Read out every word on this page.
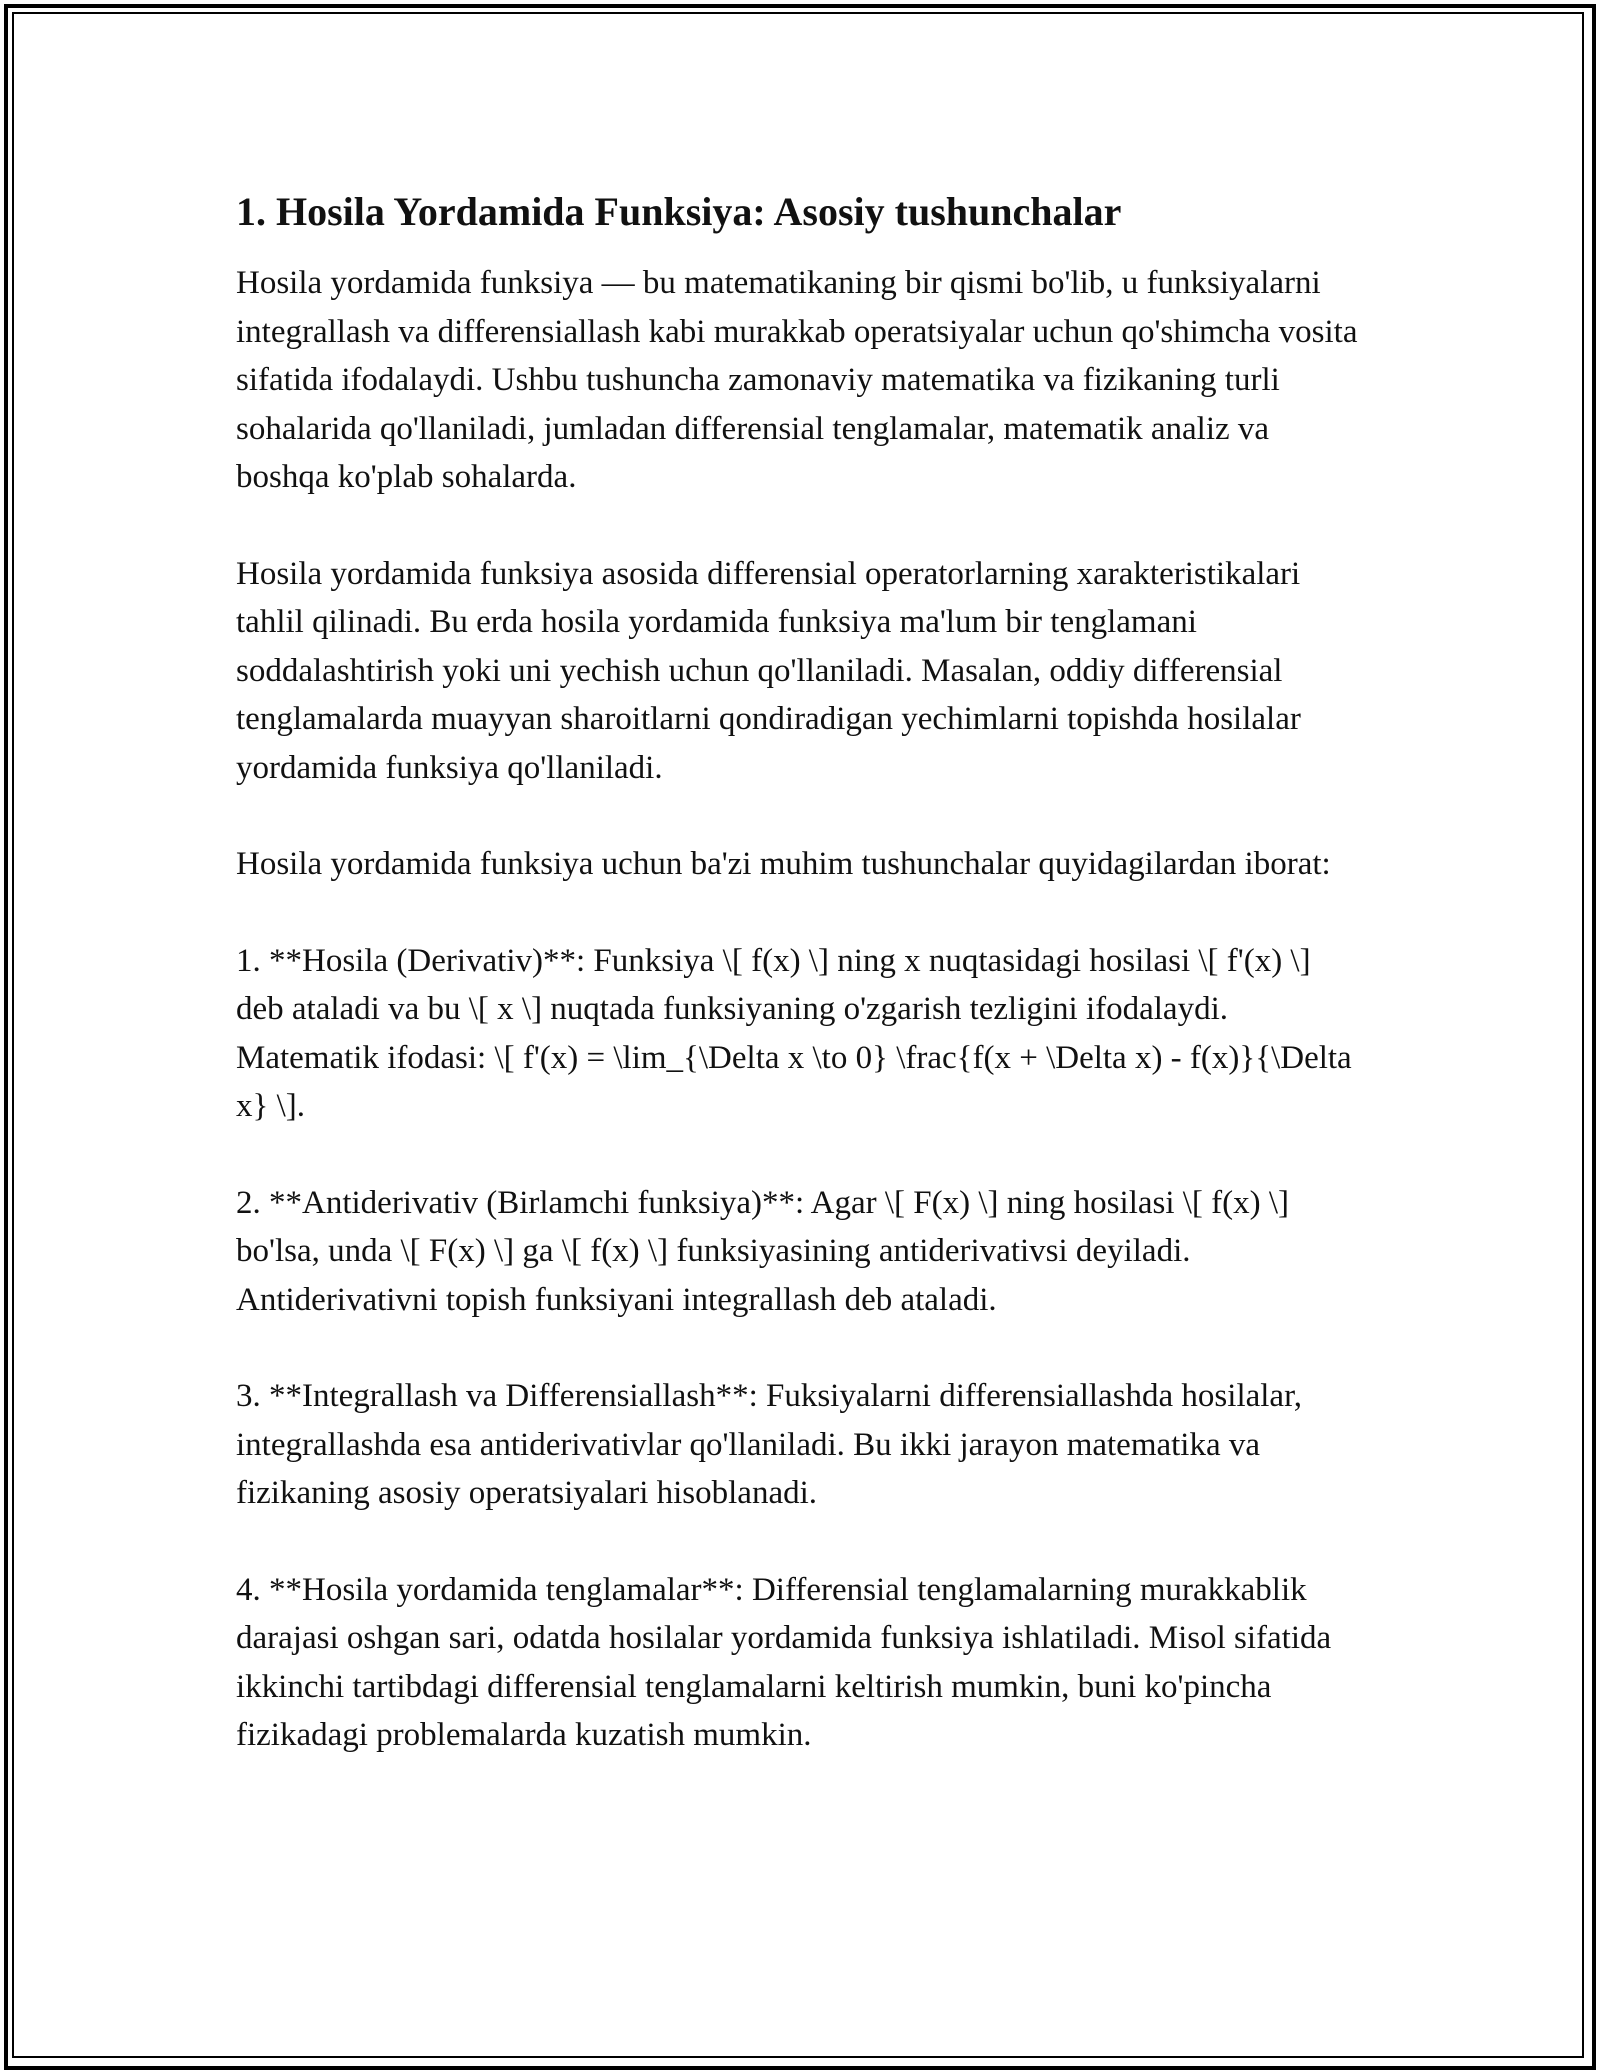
1. Hosila Yordamida Funksiya: Asosiy tushunchalar

Hosila yordamida funksiya — bu matematikaning bir qismi bo'lib, u funksiyalarni integrallash va differensiallash kabi murakkab operatsiyalar uchun qo'shimcha vosita sifatida ifodalaydi. Ushbu tushuncha zamonaviy matematika va fizikaning turli sohalarida qo'llaniladi, jumladan differensial tenglamalar, matematik analiz va boshqa ko'plab sohalarda.

Hosila yordamida funksiya asosida differensial operatorlarning xarakteristikalari tahlil qilinadi. Bu erda hosila yordamida funksiya ma'lum bir tenglamani soddalashtirish yoki uni yechish uchun qo'llaniladi. Masalan, oddiy differensial tenglamalarda muayyan sharoitlarni qondiradigan yechimlarni topishda hosilalar yordamida funksiya qo'llaniladi.

Hosila yordamida funksiya uchun ba'zi muhim tushunchalar quyidagilardan iborat:

1. **Hosila (Derivativ)**: Funksiya \[ f(x) \] ning x nuqtasidagi hosilasi \[ f'(x) \] deb ataladi va bu \[ x \] nuqtada funksiyaning o'zgarish tezligini ifodalaydi. Matematik ifodasi: \[ f'(x) = \lim_{\Delta x \to 0} \frac{f(x + \Delta x) - f(x)}{\Delta x} \].

2. **Antiderivativ (Birlamchi funksiya)**: Agar \[ F(x) \] ning hosilasi \[ f(x) \] bo'lsa, unda \[ F(x) \] ga \[ f(x) \] funksiyasining antiderivativsi deyiladi. Antiderivativni topish funksiyani integrallash deb ataladi.

3. **Integrallash va Differensiallash**: Fuksiyalarni differensiallashda hosilalar, integrallashda esa antiderivativlar qo'llaniladi. Bu ikki jarayon matematika va fizikaning asosiy operatsiyalari hisoblanadi.

4. **Hosila yordamida tenglamalar**: Differensial tenglamalarning murakkablik darajasi oshgan sari, odatda hosilalar yordamida funksiya ishlatiladi. Misol sifatida ikkinchi tartibdagi differensial tenglamalarni keltirish mumkin, buni ko'pincha fizikadagi problemalarda kuzatish mumkin.
